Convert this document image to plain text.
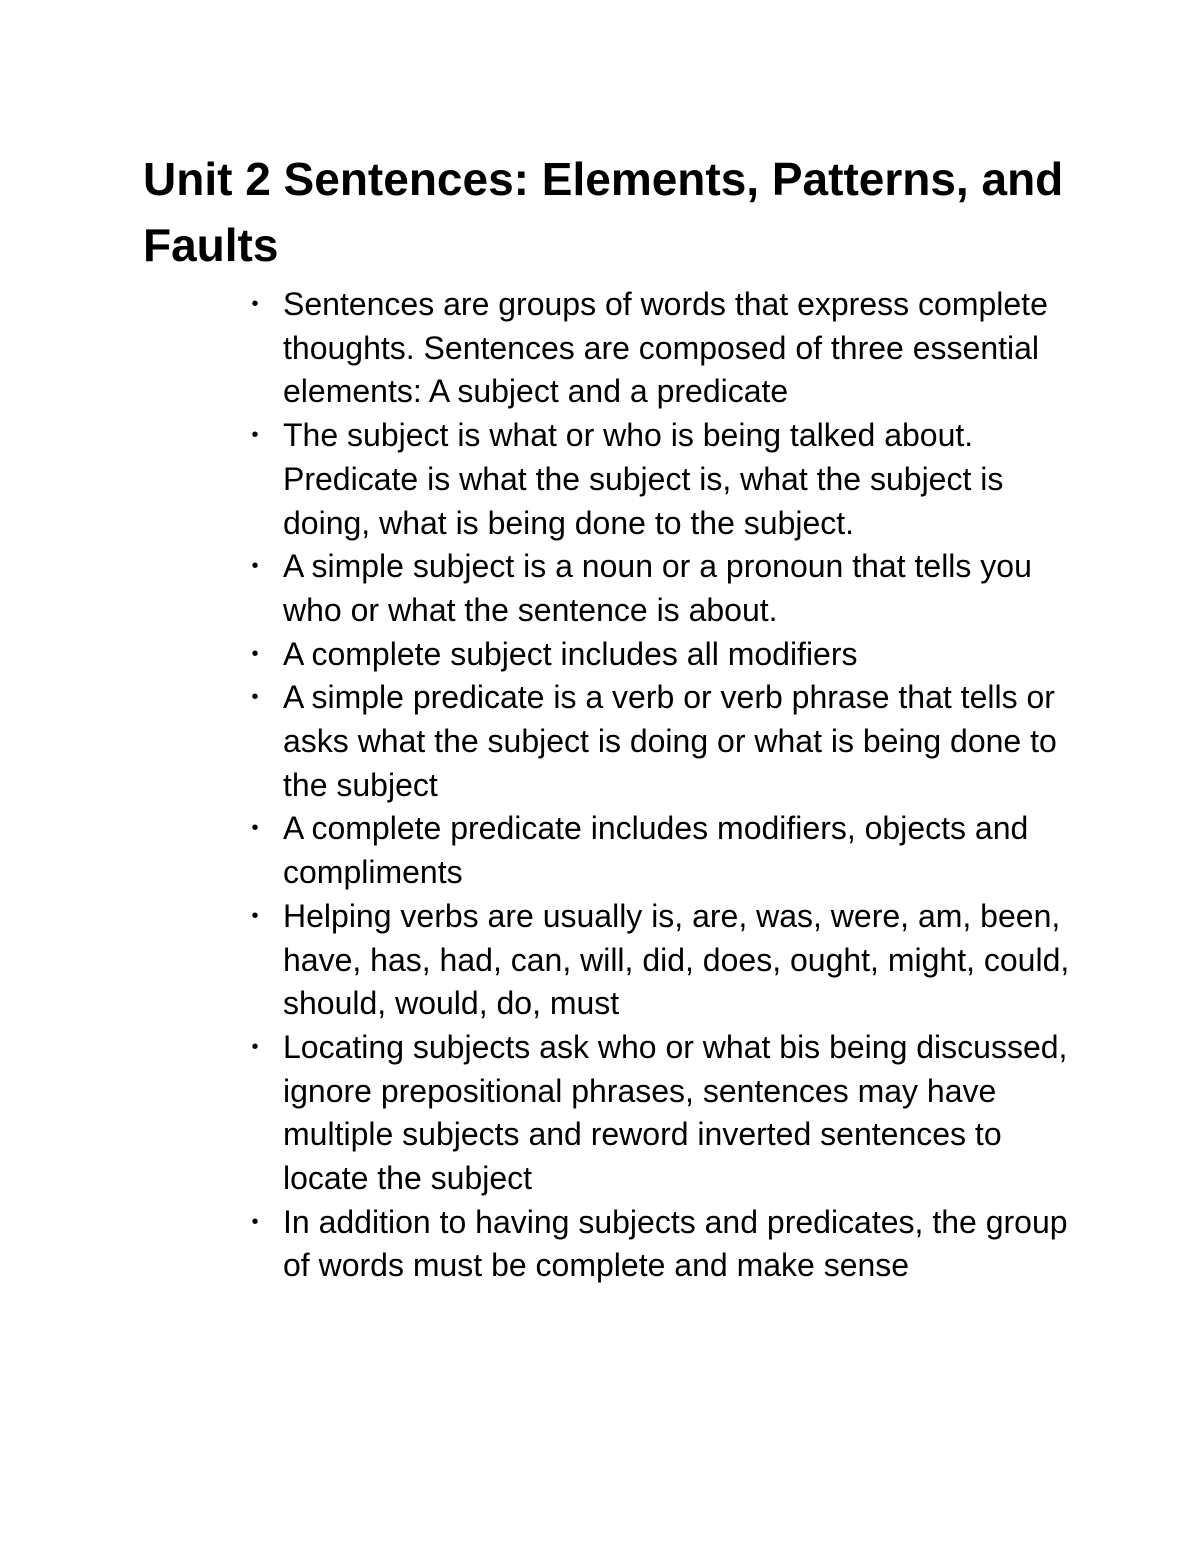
Unit 2 Sentences: Elements, Patterns, and Faults
• Sentences are groups of words that express complete thoughts. Sentences are composed of three essential elements: A subject and a predicate
• The subject is what or who is being talked about. Predicate is what the subject is, what the subject is doing, what is being done to the subject.
• A simple subject is a noun or a pronoun that tells you who or what the sentence is about.
• A complete subject includes all modifiers
• A simple predicate is a verb or verb phrase that tells or asks what the subject is doing or what is being done to the subject
• A complete predicate includes modifiers, objects and compliments
• Helping verbs are usually is, are, was, were, am, been, have, has, had, can, will, did, does, ought, might, could, should, would, do, must
• Locating subjects ask who or what bis being discussed, ignore prepositional phrases, sentences may have multiple subjects and reword inverted sentences to locate the subject
• In addition to having subjects and predicates, the group of words must be complete and make sense
